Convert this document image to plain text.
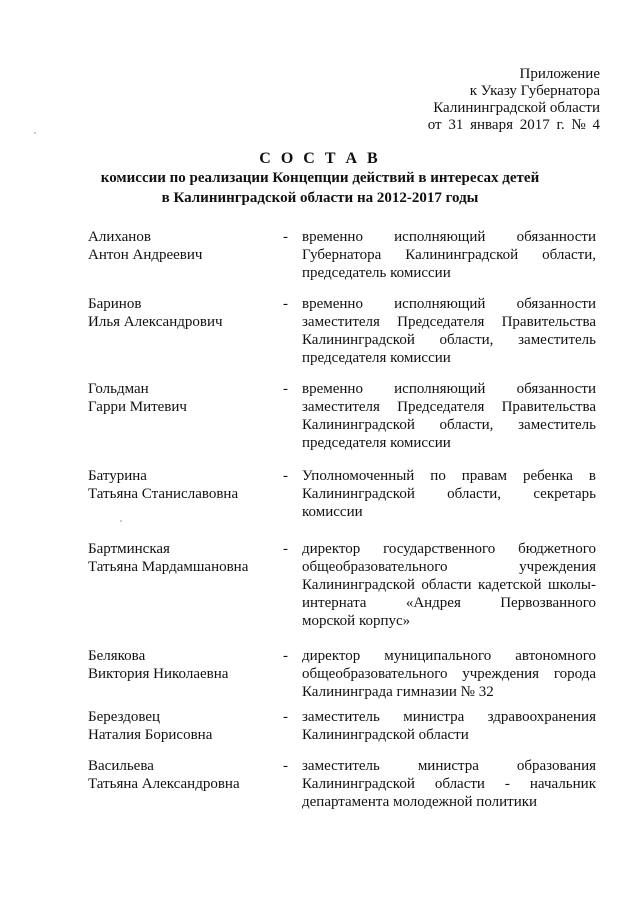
Приложение
к Указу Губернатора
Калининградской области
от 31 января 2017 г. № 4
С О С Т А В
комиссии по реализации Концепции действий в интересах детей
в Калининградской области на 2012-2017 годы
Алиханов
Антон Андреевич
- временно исполняющий обязанности
Губернатора Калининградской области,
председатель комиссии
Баринов
Илья Александрович
- временно исполняющий обязанности
заместителя Председателя Правительства
Калининградской области, заместитель
председателя комиссии
Гольдман
Гарри Митевич
- временно исполняющий обязанности
заместителя Председателя Правительства
Калининградской области, заместитель
председателя комиссии
Батурина
Татьяна Станиславовна
- Уполномоченный по правам ребенка в
Калининградской области, секретарь
комиссии
Бартминская
Татьяна Мардамшановна
- директор государственного бюджетного
общеобразовательного учреждения
Калининградской области кадетской школы-
интерната «Андрея Первозванного
морской корпус»
Белякова
Виктория Николаевна
- директор муниципального автономного
общеобразовательного учреждения города
Калининграда гимназии № 32
Берездовец
Наталия Борисовна
- заместитель министра здравоохранения
Калининградской области
Васильева
Татьяна Александровна
- заместитель министра образования
Калининградской области - начальник
департамента молодежной политики
